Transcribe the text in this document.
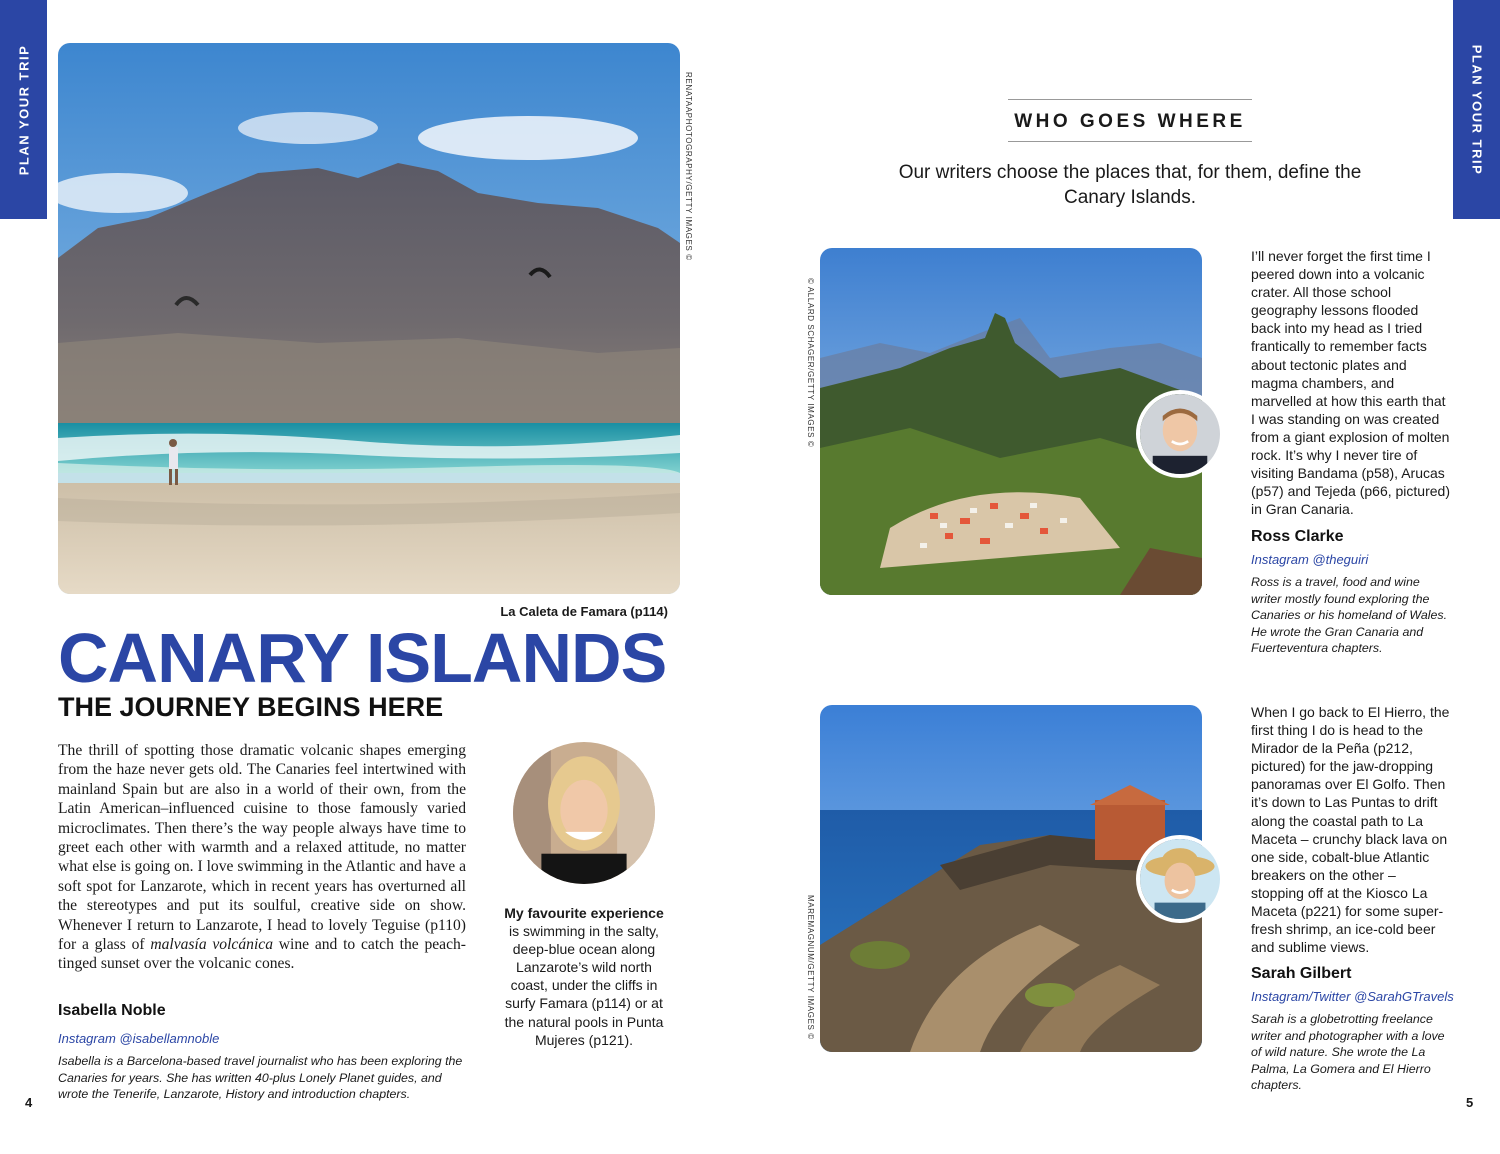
PLAN YOUR TRIP	PLAN YOUR TRIP
RENATAAPHOTOGRAPHY/GETTY IMAGES ©
La Caleta de Famara (p114)
CANARY ISLANDS
THE JOURNEY BEGINS HERE
The thrill of spotting those dramatic volcanic shapes emerging from the haze never gets old. The Canaries feel intertwined with mainland Spain but are also in a world of their own, from the Latin American–influenced cuisine to those famously varied microclimates. Then there’s the way people always have time to greet each other with warmth and a relaxed attitude, no matter what else is going on. I love swimming in the Atlantic and have a soft spot for Lanzarote, which in recent years has overturned all the stereotypes and put its soulful, creative side on show. Whenever I return to Lanzarote, I head to lovely Teguise (p110) for a glass of malvasía volcánica wine and to catch the peach-tinged sunset over the volcanic cones.
Isabella Noble
Instagram @isabellamnoble
Isabella is a Barcelona-based travel journalist who has been exploring the Canaries for years. She has written 40-plus Lonely Planet guides, and wrote the Tenerife, Lanzarote, History and introduction chapters.
My favourite experience is swimming in the salty, deep-blue ocean along Lanzarote’s wild north coast, under the cliffs in surfy Famara (p114) or at the natural pools in Punta Mujeres (p121).
4
WHO GOES WHERE
Our writers choose the places that, for them, define the Canary Islands.
© ALLARD SCHAGER/GETTY IMAGES ©
I’ll never forget the first time I peered down into a volcanic crater. All those school geography lessons flooded back into my head as I tried frantically to remember facts about tectonic plates and magma chambers, and marvelled at how this earth that I was standing on was created from a giant explosion of molten rock. It’s why I never tire of visiting Bandama (p58), Arucas (p57) and Tejeda (p66, pictured) in Gran Canaria.
Ross Clarke
Instagram @theguiri
Ross is a travel, food and wine writer mostly found exploring the Canaries or his homeland of Wales. He wrote the Gran Canaria and Fuerteventura chapters.
MAREMAGNUM/GETTY IMAGES ©
When I go back to El Hierro, the first thing I do is head to the Mirador de la Peña (p212, pictured) for the jaw-dropping panoramas over El Golfo. Then it’s down to Las Puntas to drift along the coastal path to La Maceta – crunchy black lava on one side, cobalt-blue Atlantic breakers on the other – stopping off at the Kiosco La Maceta (p221) for some super-fresh shrimp, an ice-cold beer and sublime views.
Sarah Gilbert
Instagram/Twitter @SarahGTravels
Sarah is a globetrotting freelance writer and photographer with a love of wild nature. She wrote the La Palma, La Gomera and El Hierro chapters.
5
